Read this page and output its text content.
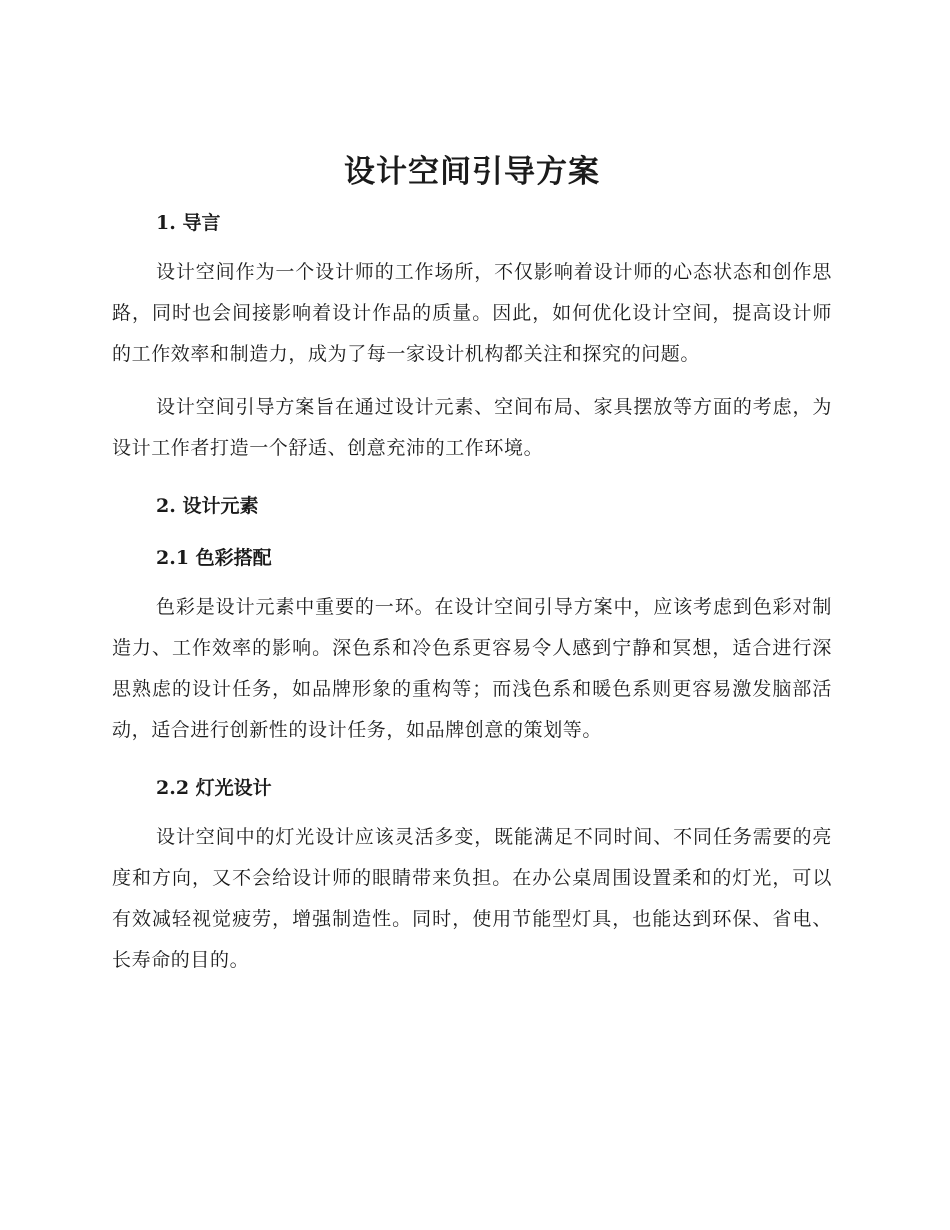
设计空间引导方案
1. 导言

设计空间作为一个设计师的工作场所，不仅影响着设计师的心态状态和创作思路，同时也会间接影响着设计作品的质量。因此，如何优化设计空间，提高设计师的工作效率和制造力，成为了每一家设计机构都关注和探究的问题。

设计空间引导方案旨在通过设计元素、空间布局、家具摆放等方面的考虑，为设计工作者打造一个舒适、创意充沛的工作环境。

2. 设计元素
2.1 色彩搭配

色彩是设计元素中重要的一环。在设计空间引导方案中，应该考虑到色彩对制造力、工作效率的影响。深色系和冷色系更容易令人感到宁静和冥想，适合进行深思熟虑的设计任务，如品牌形象的重构等；而浅色系和暖色系则更容易激发脑部活动，适合进行创新性的设计任务，如品牌创意的策划等。

2.2 灯光设计

设计空间中的灯光设计应该灵活多变，既能满足不同时间、不同任务需要的亮度和方向，又不会给设计师的眼睛带来负担。在办公桌周围设置柔和的灯光，可以有效减轻视觉疲劳，增强制造性。同时，使用节能型灯具，也能达到环保、省电、长寿命的目的。
